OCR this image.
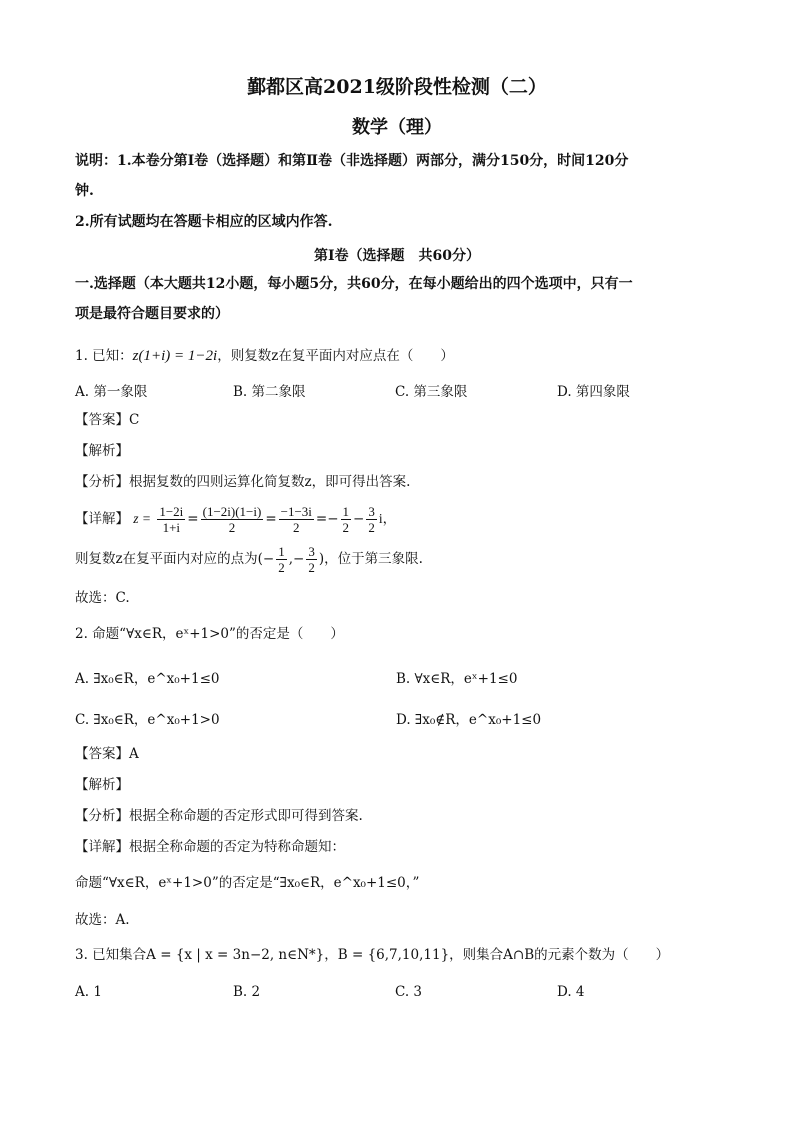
鄞都区高2021级阶段性检测（二）
数学（理）
说明：1.本卷分第Ⅰ卷（选择题）和第Ⅱ卷（非选择题）两部分，满分150分，时间120分
钟.
2.所有试题均在答题卡相应的区域内作答.
第Ⅰ卷（选择题　共60分）
一.选择题（本大题共12小题，每小题5分，共60分，在每小题给出的四个选项中，只有一
项是最符合题目要求的）
1. 已知：z(1+i) = 1−2i，则复数z在复平面内对应点在（　　）
A. 第一象限	B. 第二象限	C. 第三象限	D. 第四象限
【答案】C
【解析】
【分析】根据复数的四则运算化简复数z，即可得出答案.
【详解】 $z = \frac{1-2i}{1+i} = \frac{(1-2i)(1-i)}{2} = \frac{-1-3i}{2} =- \frac{1}{2} - \frac{3}{2}$ i，
则复数z在复平面内对应的点为(− $\frac{1}{2}$ ,− $\frac{3}{2}$ )，位于第三象限.
故选：C.
2. 命题“∀x∈R，eˣ+1>0”的否定是（　　）
A. ∃x₀∈R，e^x₀+1≤0	B. ∀x∈R，eˣ+1≤0
C. ∃x₀∈R，e^x₀+1>0	D. ∃x₀∉R，e^x₀+1≤0
【答案】A
【解析】
【分析】根据全称命题的否定形式即可得到答案.
【详解】根据全称命题的否定为特称命题知：
命题“∀x∈R，eˣ+1>0”的否定是“∃x₀∈R，e^x₀+1≤0，”
故选：A.
3. 已知集合A = {x | x = 3n−2, n∈N*}，B = {6,7,10,11}，则集合A∩B的元素个数为（　　）
A. 1	B. 2	C. 3	D. 4
